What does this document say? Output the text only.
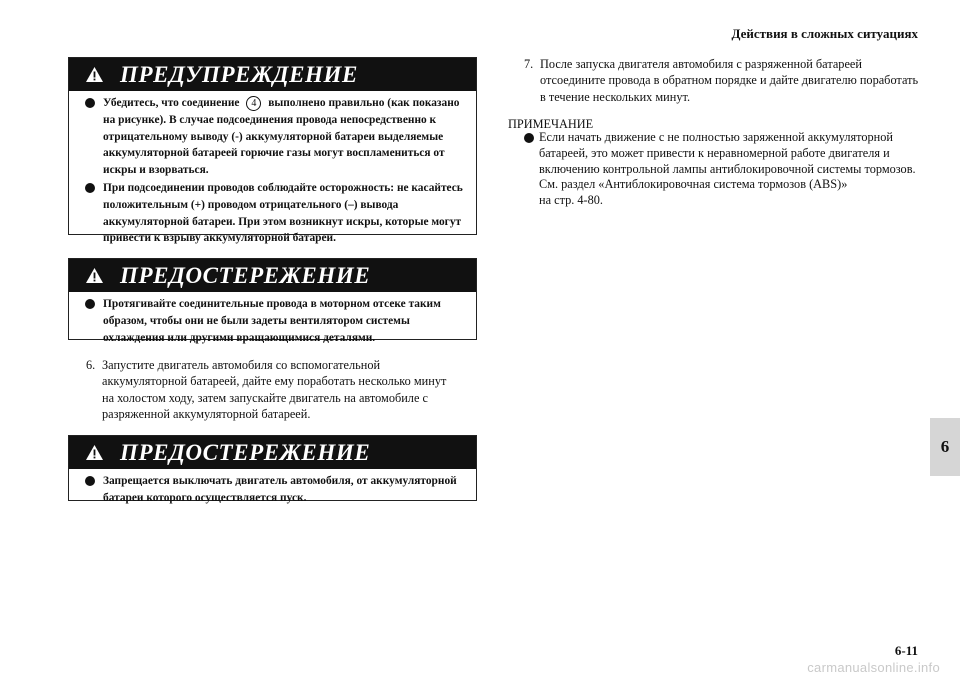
Действия в сложных ситуациях
6
ПРЕДУПРЕЖДЕНИЕ
Убедитесь, что соединение 4 выполнено правильно (как показано на рисунке). В случае подсоединения провода непосредственно к отрицательному выводу (-) аккумуляторной батареи выделяемые аккумуляторной батареей горючие газы могут воспламениться от искры и взорваться.
При подсоединении проводов соблюдайте осторожность: не касайтесь положительным (+) проводом отрицательного (–) вывода аккумуляторной батареи. При этом возникнут искры, которые могут привести к взрыву аккумуляторной батареи.
ПРЕДОСТЕРЕЖЕНИЕ
Протягивайте соединительные провода в моторном отсеке таким образом, чтобы они не были задеты вентилятором системы охлаждения или другими вращающимися деталями.
6. Запустите двигатель автомобиля со вспомогательной аккумуляторной батареей, дайте ему поработать несколько минут на холостом ходу, затем запускайте двигатель на автомобиле с разряженной аккумуляторной батареей.
ПРЕДОСТЕРЕЖЕНИЕ
Запрещается выключать двигатель автомобиля, от аккумуляторной батареи которого осуществляется пуск.
7. После запуска двигателя автомобиля с разряженной батареей отсоедините провода в обратном порядке и дайте двигателю поработать в течение нескольких минут.
ПРИМЕЧАНИЕ
Если начать движение с не полностью заряженной аккумуляторной батареей, это может привести к неравномерной работе двигателя и включению контрольной лампы антиблокировочной системы тормозов.
См. раздел «Антиблокировочная система тормозов (ABS)»
на стр. 4-80.
6-11
carmanualsonline.info
